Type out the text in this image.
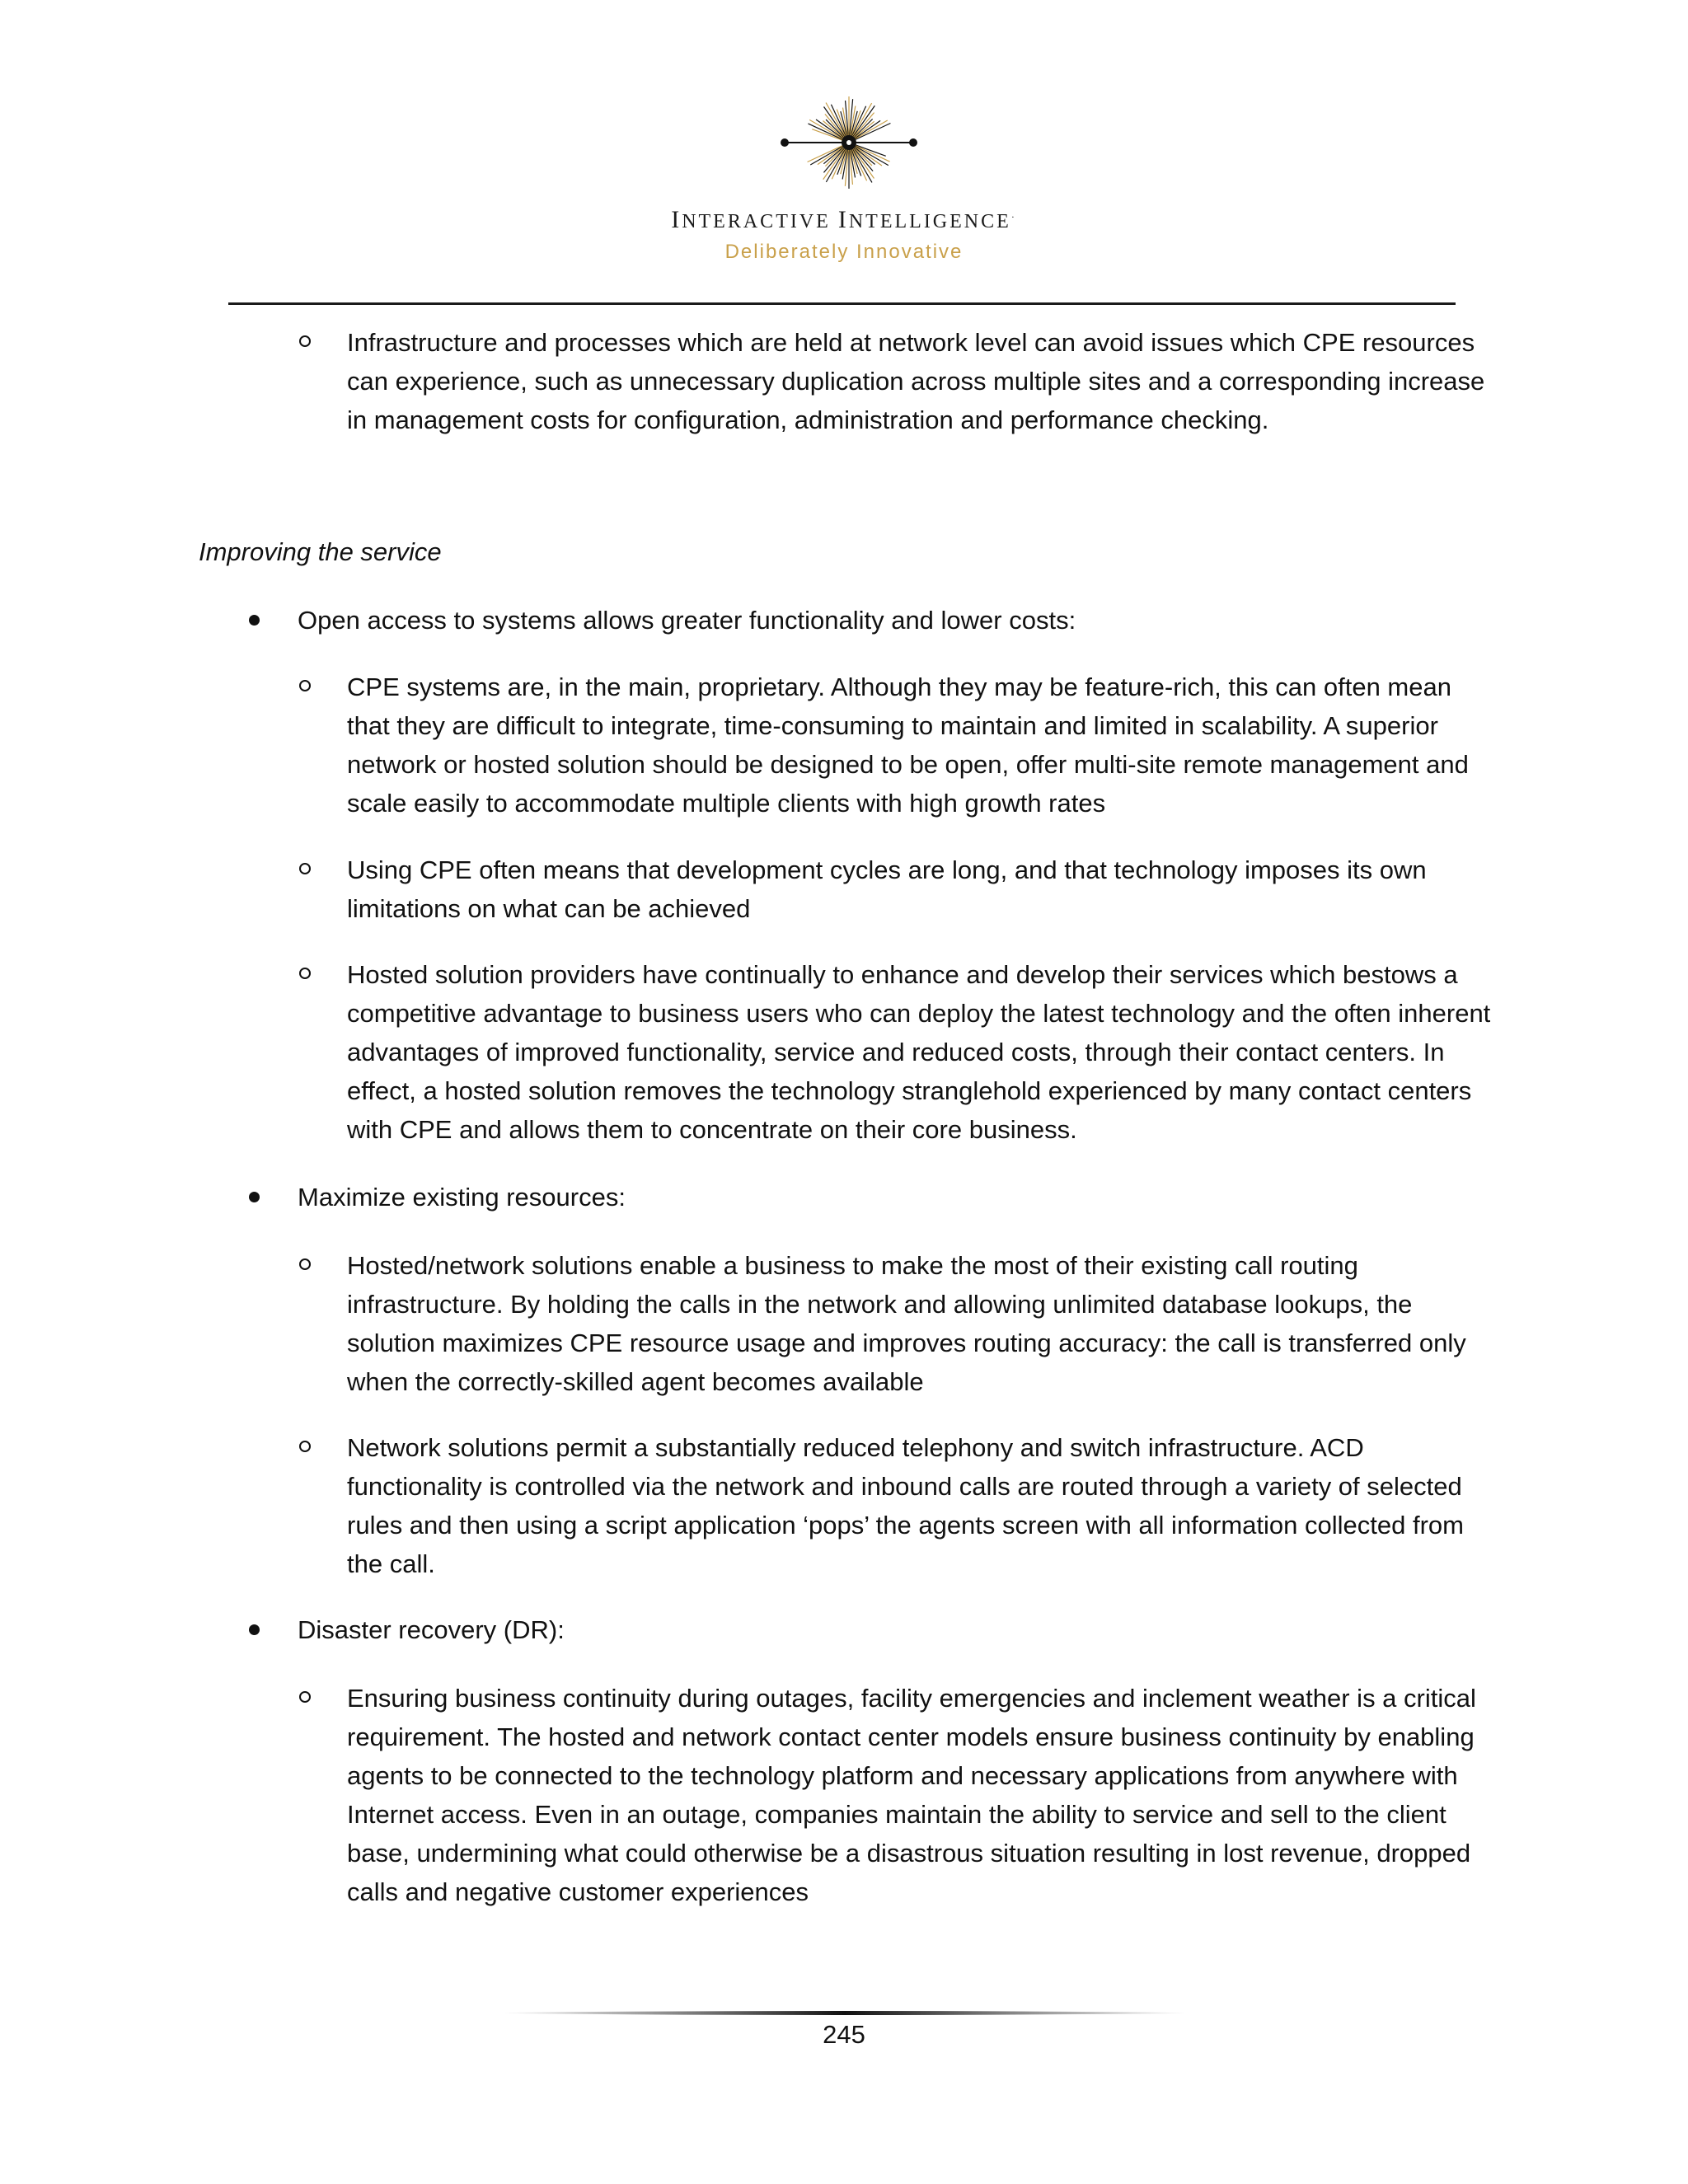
INTERACTIVE INTELLIGENCE·
Deliberately Innovative

Infrastructure and processes which are held at network level can avoid issues which CPE resources can experience, such as unnecessary duplication across multiple sites and a corresponding increase in management costs for configuration, administration and performance checking.

Improving the service

Open access to systems allows greater functionality and lower costs:

CPE systems are, in the main, proprietary. Although they may be feature-rich, this can often mean that they are difficult to integrate, time-consuming to maintain and limited in scalability. A superior network or hosted solution should be designed to be open, offer multi-site remote management and scale easily to accommodate multiple clients with high growth rates

Using CPE often means that development cycles are long, and that technology imposes its own limitations on what can be achieved

Hosted solution providers have continually to enhance and develop their services which bestows a competitive advantage to business users who can deploy the latest technology and the often inherent advantages of improved functionality, service and reduced costs, through their contact centers. In effect, a hosted solution removes the technology stranglehold experienced by many contact centers with CPE and allows them to concentrate on their core business.

Maximize existing resources:

Hosted/network solutions enable a business to make the most of their existing call routing infrastructure. By holding the calls in the network and allowing unlimited database lookups, the solution maximizes CPE resource usage and improves routing accuracy: the call is transferred only when the correctly-skilled agent becomes available

Network solutions permit a substantially reduced telephony and switch infrastructure. ACD functionality is controlled via the network and inbound calls are routed through a variety of selected rules and then using a script application ‘pops’ the agents screen with all information collected from the call.

Disaster recovery (DR):

Ensuring business continuity during outages, facility emergencies and inclement weather is a critical requirement. The hosted and network contact center models ensure business continuity by enabling agents to be connected to the technology platform and necessary applications from anywhere with Internet access. Even in an outage, companies maintain the ability to service and sell to the client base, undermining what could otherwise be a disastrous situation resulting in lost revenue, dropped calls and negative customer experiences

245
